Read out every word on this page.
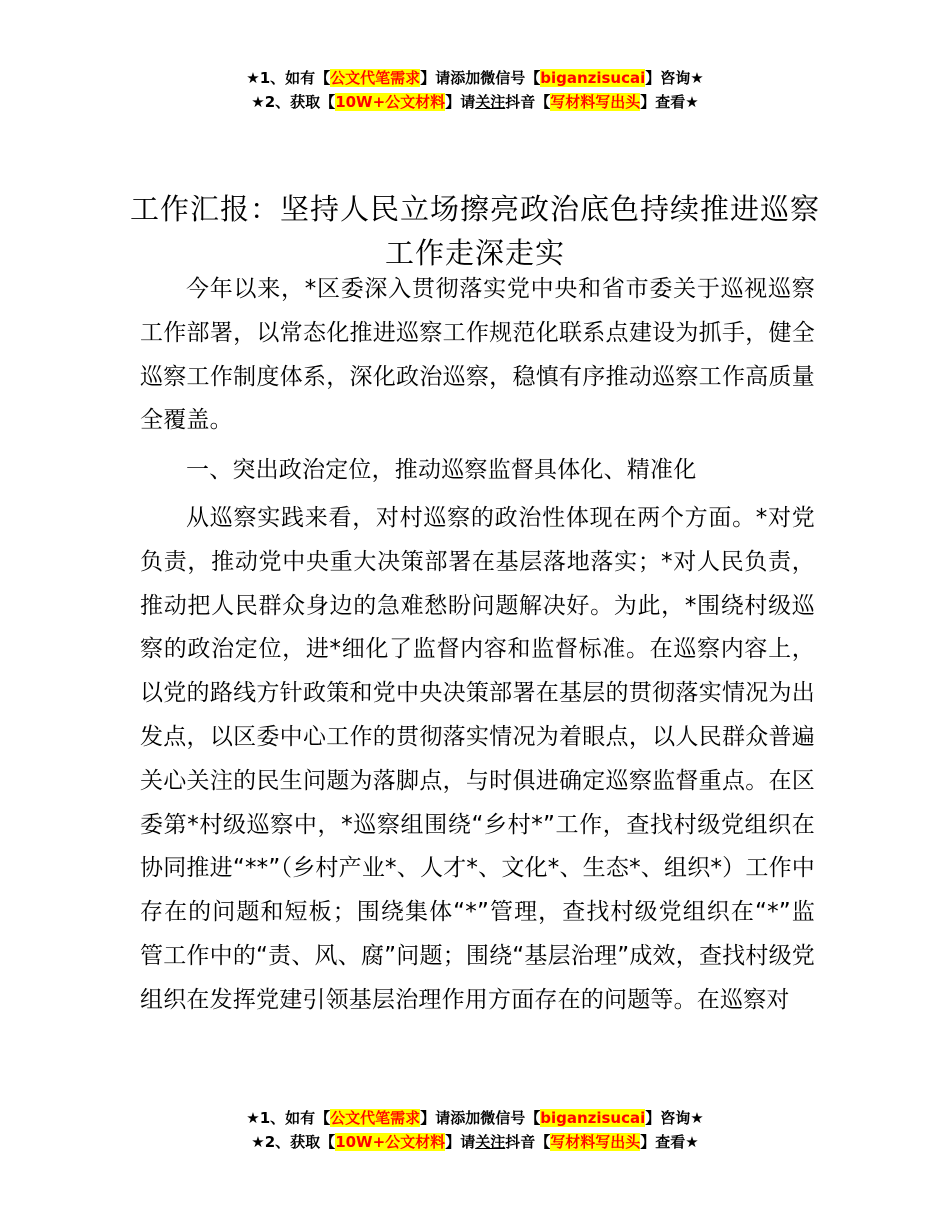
★1、如有【公文代笔需求】请添加微信号【biganzisucai】咨询★
★2、获取【10W+公文材料】请关注抖音【写材料写出头】查看★
工作汇报：坚持人民立场擦亮政治底色持续推进巡察工作走深走实

今年以来，*区委深入贯彻落实党中央和省市委关于巡视巡察工作部署，以常态化推进巡察工作规范化联系点建设为抓手，健全巡察工作制度体系，深化政治巡察，稳慎有序推动巡察工作高质量全覆盖。

一、突出政治定位，推动巡察监督具体化、精准化

从巡察实践来看，对村巡察的政治性体现在两个方面。*对党负责，推动党中央重大决策部署在基层落地落实；*对人民负责，推动把人民群众身边的急难愁盼问题解决好。为此，*围绕村级巡察的政治定位，进*细化了监督内容和监督标准。在巡察内容上，以党的路线方针政策和党中央决策部署在基层的贯彻落实情况为出发点，以区委中心工作的贯彻落实情况为着眼点，以人民群众普遍关心关注的民生问题为落脚点，与时俱进确定巡察监督重点。在区委第*村级巡察中，*巡察组围绕“乡村*”工作，查找村级党组织在协同推进“**”（乡村产业*、人才*、文化*、生态*、组织*）工作中存在的问题和短板；围绕集体“*”管理，查找村级党组织在“*”监管工作中的“责、风、腐”问题；围绕“基层治理”成效，查找村级党组织在发挥党建引领基层治理作用方面存在的问题等。在巡察对

★1、如有【公文代笔需求】请添加微信号【biganzisucai】咨询★
★2、获取【10W+公文材料】请关注抖音【写材料写出头】查看★
